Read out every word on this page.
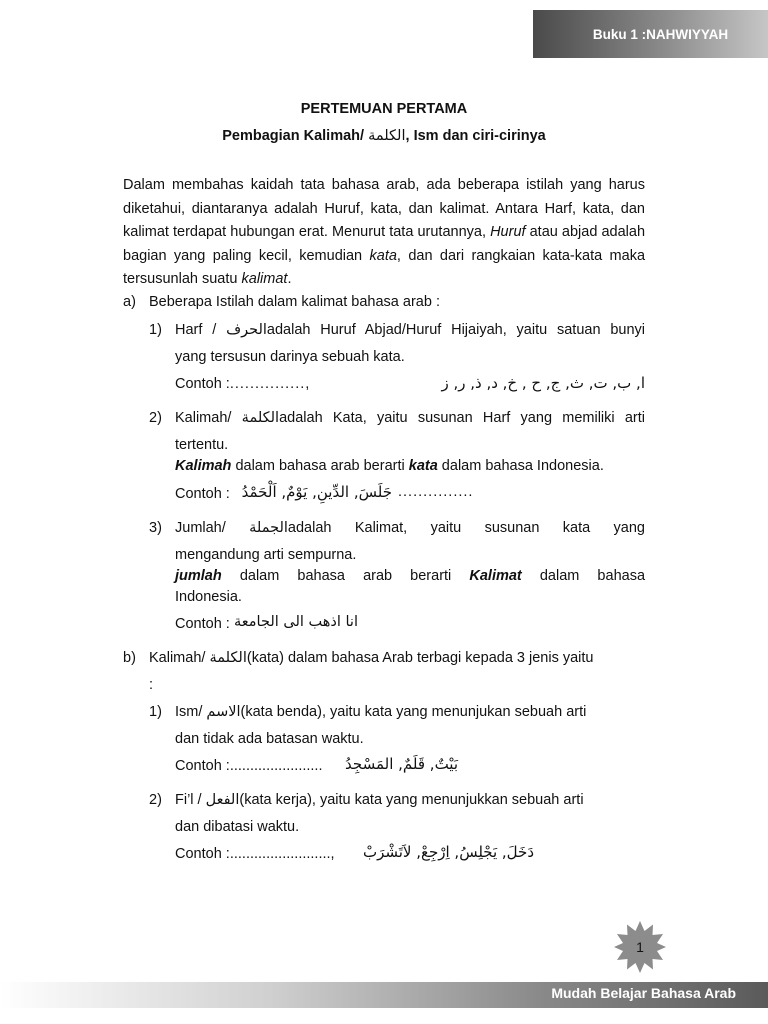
Buku 1 :NAHWIYYAH
PERTEMUAN PERTAMA
Pembagian Kalimah/ الكلمة, Ism dan ciri-cirinya
Dalam membahas kaidah tata bahasa arab, ada beberapa istilah yang harus diketahui, diantaranya adalah Huruf, kata, dan kalimat. Antara Harf, kata, dan kalimat terdapat hubungan erat. Menurut tata urutannya, Huruf atau abjad adalah bagian yang paling kecil, kemudian kata, dan dari rangkaian kata-kata maka tersusunlah suatu kalimat.
a) Beberapa Istilah dalam kalimat bahasa arab :
1) Harf / الحرفadalah Huruf Abjad/Huruf Hijaiyah, yaitu satuan bunyi
yang tersusun darinya sebuah kata.
Contoh :...............,	ا, ب, ت, ث, ج, ح , خ, د, ذ, ر, ز
2) Kalimah/ الكلمةadalah Kata, yaitu susunan Harf yang memiliki arti
tertentu.
Kalimah dalam bahasa arab berarti kata dalam bahasa Indonesia.
Contoh : جَلَسَ, الدِّينِ, يَوْمٌ, اَلْحَمْدُ ...............
3) Jumlah/ الجملةadalah Kalimat, yaitu susunan kata yang
mengandung arti sempurna.
jumlah dalam bahasa arab berarti Kalimat dalam bahasa
Indonesia.
Contoh : انا اذهب الى الجامعة
b) Kalimah/ الكلمة(kata) dalam bahasa Arab terbagi kepada 3 jenis yaitu
:
1) Ism/ الاسم(kata benda), yaitu kata yang menunjukan sebuah arti
dan tidak ada batasan waktu.
Contoh :.......................	بَيْتٌ, قَلَمٌ, المَسْجِدُ
2) Fi’l / الفعل(kata kerja), yaitu kata yang menunjukkan sebuah arti
dan dibatasi waktu.
Contoh :.........................,	دَخَلَ, يَجْلِسُ, اِرْجِعْ, لاَتَشْرَبْ
1
Mudah Belajar Bahasa Arab
